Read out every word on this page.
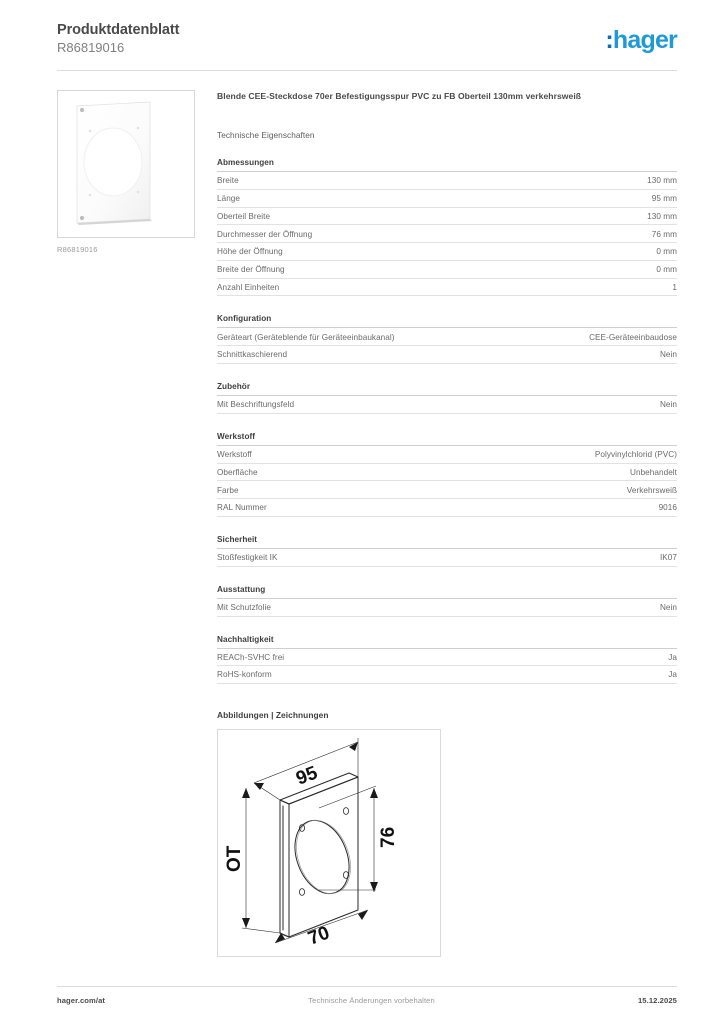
Produktdatenblatt
R86819016	:hager
R86819016
Blende CEE-Steckdose 70er Befestigungsspur PVC zu FB Oberteil 130mm verkehrsweiß
Technische Eigenschaften
Abmessungen
Breite	130 mm
Länge	95 mm
Oberteil Breite	130 mm
Durchmesser der Öffnung	76 mm
Höhe der Öffnung	0 mm
Breite der Öffnung	0 mm
Anzahl Einheiten	1
Konfiguration
Geräteart (Geräteblende für Geräteeinbaukanal)	CEE-Geräteeinbaudose
Schnittkaschierend	Nein
Zubehör
Mit Beschriftungsfeld	Nein
Werkstoff
Werkstoff	Polyvinylchlorid (PVC)
Oberfläche	Unbehandelt
Farbe	Verkehrsweiß
RAL Nummer	9016
Sicherheit
Stoßfestigkeit IK	IK07
Ausstattung
Mit Schutzfolie	Nein
Nachhaltigkeit
REACh-SVHC frei	Ja
RoHS-konform	Ja
Abbildungen | Zeichnungen
95
76
OT
70
hager.com/at	Technische Änderungen vorbehalten	15.12.2025
